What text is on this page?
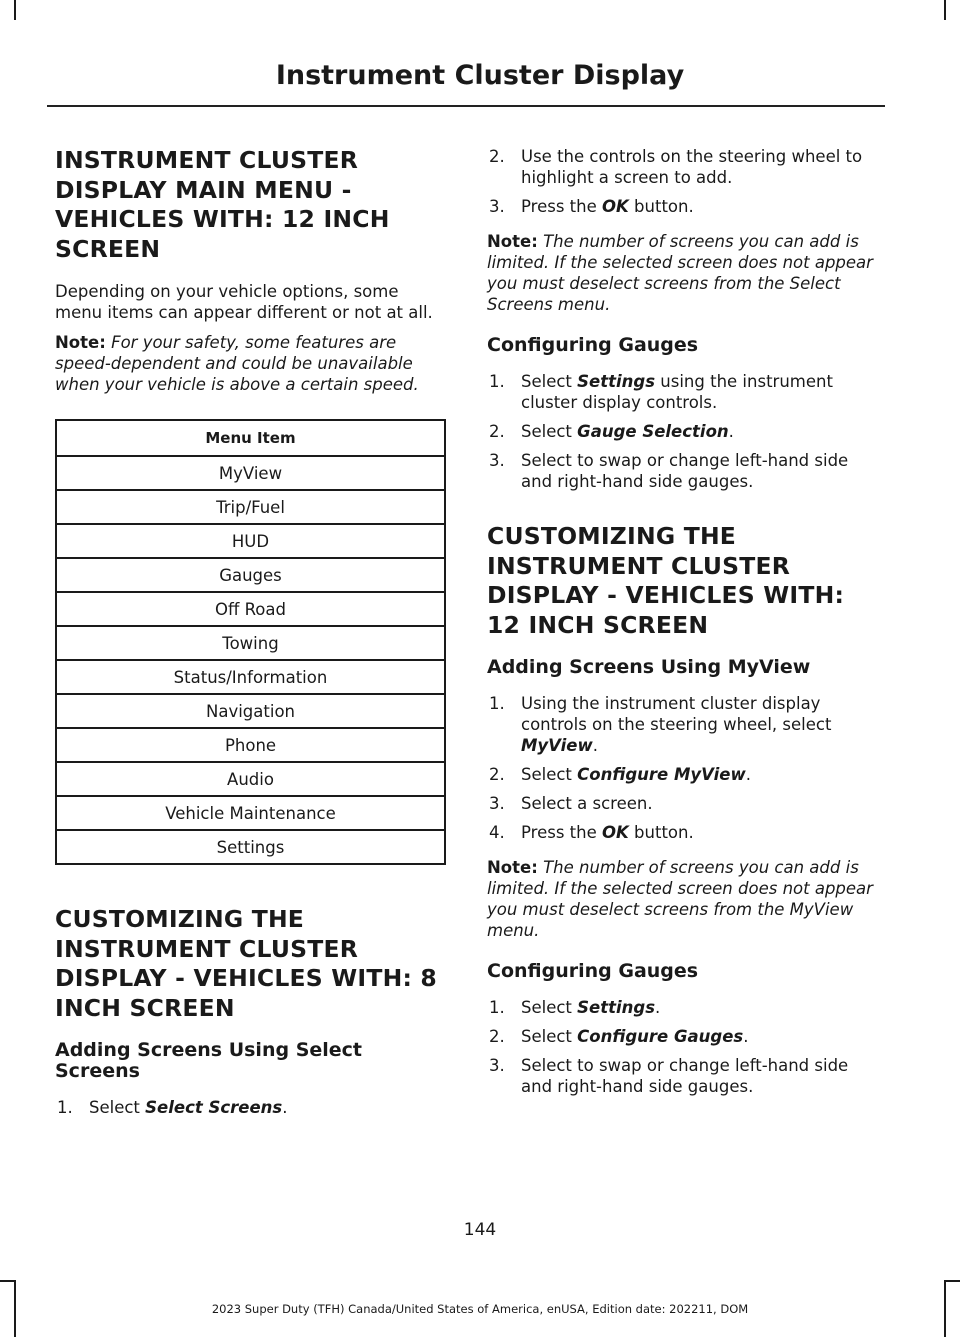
Instrument Cluster Display
INSTRUMENT CLUSTER DISPLAY MAIN MENU - VEHICLES WITH: 12 INCH SCREEN

Depending on your vehicle options, some menu items can appear different or not at all.

Note: For your safety, some features are speed-dependent and could be unavailable when your vehicle is above a certain speed.

Menu Item
MyView
Trip/Fuel
HUD
Gauges
Off Road
Towing
Status/Information
Navigation
Phone
Audio
Vehicle Maintenance
Settings
CUSTOMIZING THE INSTRUMENT CLUSTER DISPLAY - VEHICLES WITH: 8 INCH SCREEN
Adding Screens Using Select Screens
1. Select Select Screens.
2. Use the controls on the steering wheel to highlight a screen to add.
3. Press the OK button.

Note: The number of screens you can add is limited. If the selected screen does not appear you must deselect screens from the Select Screens menu.

Configuring Gauges
1. Select Settings using the instrument cluster display controls.
2. Select Gauge Selection.
3. Select to swap or change left-hand side and right-hand side gauges.
CUSTOMIZING THE INSTRUMENT CLUSTER DISPLAY - VEHICLES WITH: 12 INCH SCREEN
Adding Screens Using MyView
1. Using the instrument cluster display controls on the steering wheel, select MyView.
2. Select Configure MyView.
3. Select a screen.
4. Press the OK button.

Note: The number of screens you can add is limited. If the selected screen does not appear you must deselect screens from the MyView menu.

Configuring Gauges
1. Select Settings.
2. Select Configure Gauges.
3. Select to swap or change left-hand side and right-hand side gauges.
144
2023 Super Duty (TFH) Canada/United States of America, enUSA, Edition date: 202211, DOM
